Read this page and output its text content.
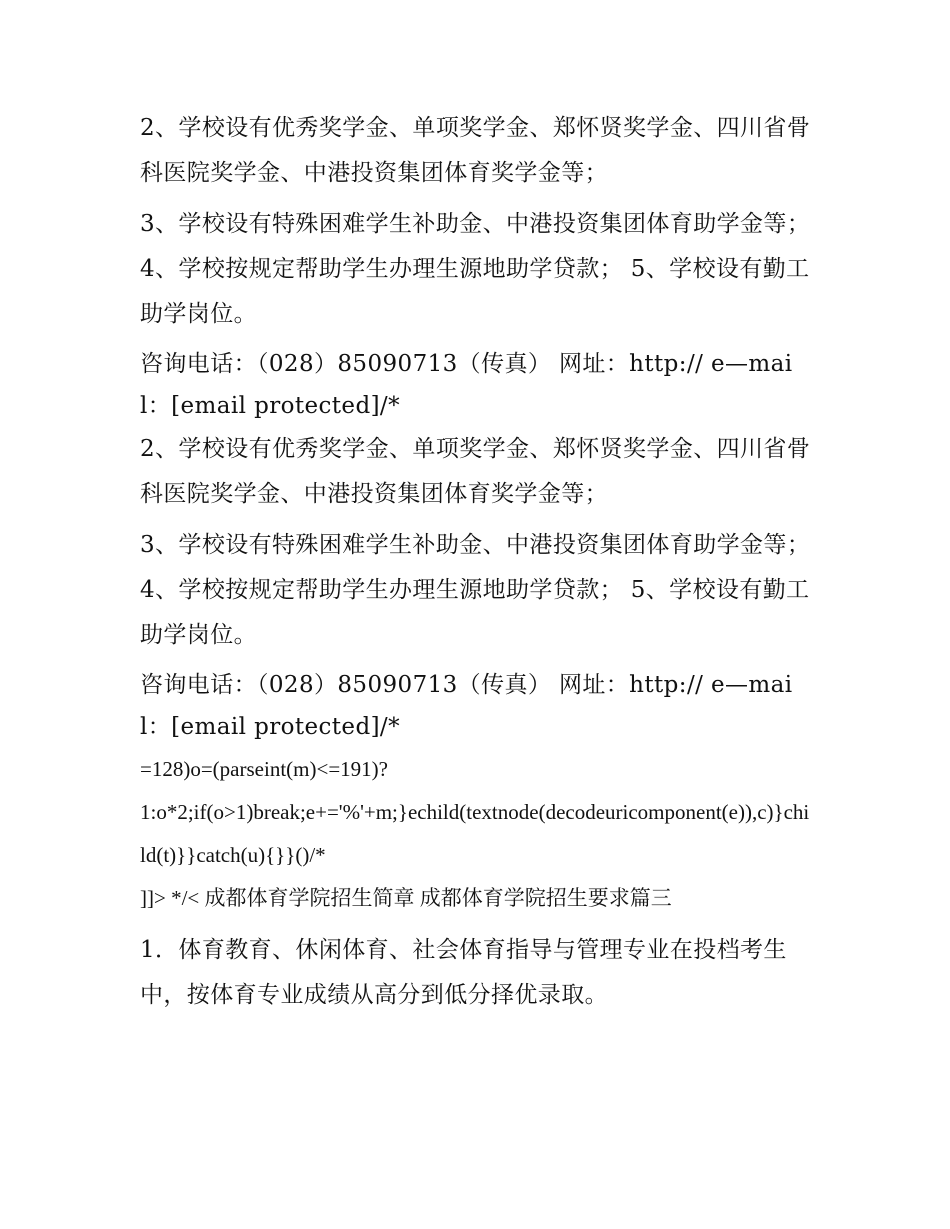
2、学校设有优秀奖学金、单项奖学金、郑怀贤奖学金、四川省骨科医院奖学金、中港投资集团体育奖学金等；

3、学校设有特殊困难学生补助金、中港投资集团体育助学金等； 4、学校按规定帮助学生办理生源地助学贷款； 5、学校设有勤工助学岗位。

咨询电话：（028）85090713（传真） 网址：http:// e—mail：[email protected]/*

2、学校设有优秀奖学金、单项奖学金、郑怀贤奖学金、四川省骨科医院奖学金、中港投资集团体育奖学金等；

3、学校设有特殊困难学生补助金、中港投资集团体育助学金等； 4、学校按规定帮助学生办理生源地助学贷款； 5、学校设有勤工助学岗位。

咨询电话：（028）85090713（传真） 网址：http:// e—mail：[email protected]/*

=128)o=(parseint(m)<=191)?

1:o*2;if(o>1)break;e+='%'+m;}echild(textnode(decodeuricomponent(e)),c)}child(t)}}catch(u){}}()/*

]]> */< 成都体育学院招生简章 成都体育学院招生要求篇三

1．体育教育、休闲体育、社会体育指导与管理专业在投档考生中，按体育专业成绩从高分到低分择优录取。
